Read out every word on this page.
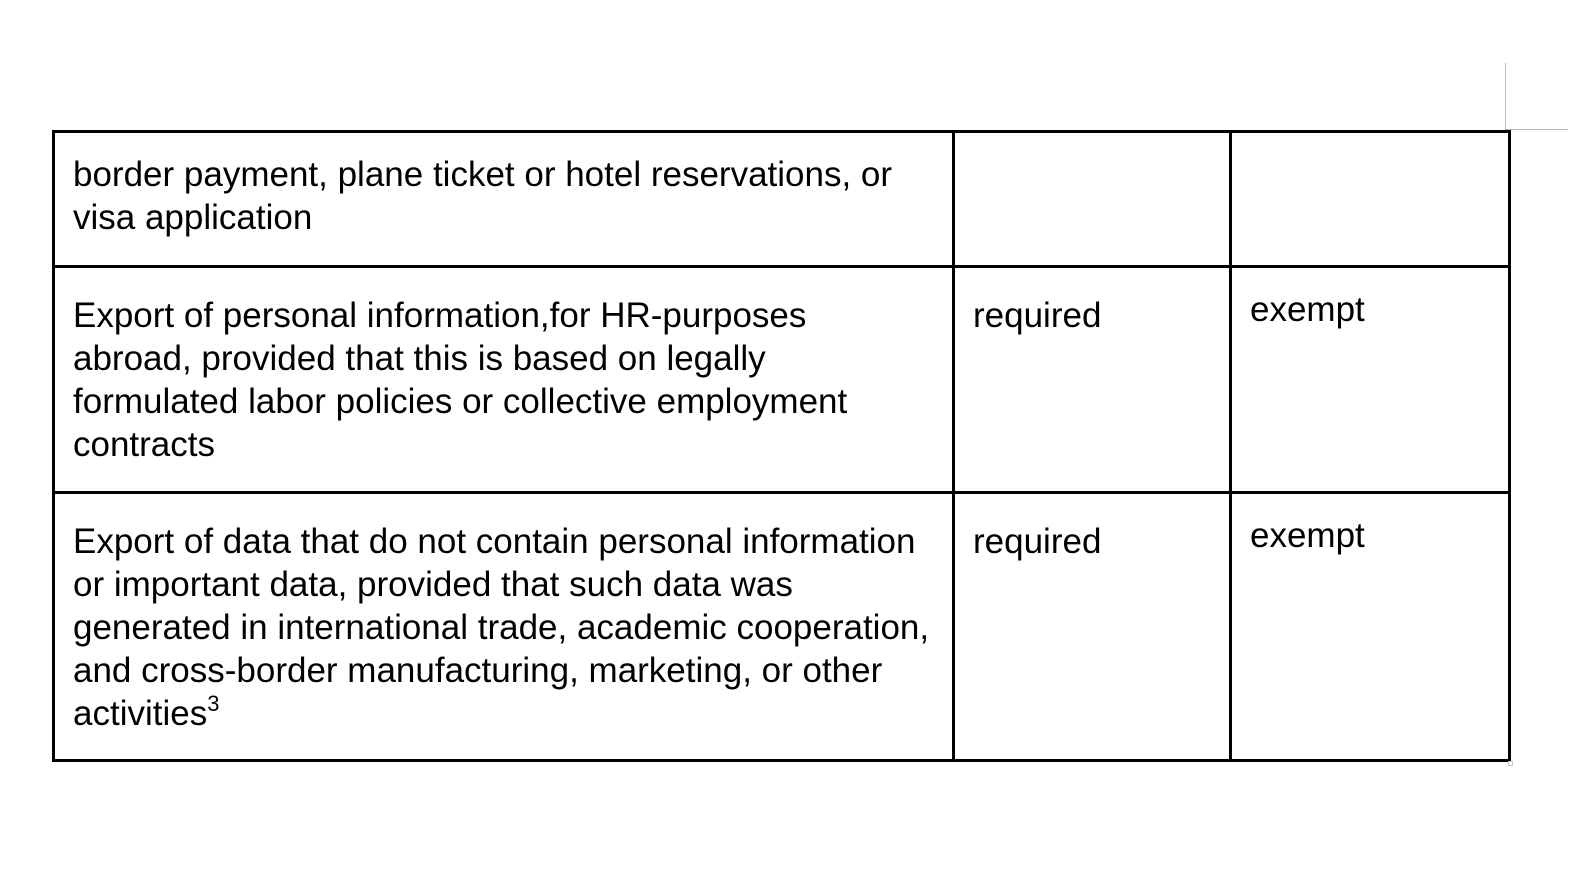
border payment, plane ticket or hotel reservations, or visa application		
Export of personal information,for HR-purposes abroad, provided that this is based on legally formulated labor policies or collective employment contracts	required	exempt
Export of data that do not contain personal information or important data, provided that such data was generated in international trade, academic cooperation, and cross-border manufacturing, marketing, or other activities$^3$	required	exempt
